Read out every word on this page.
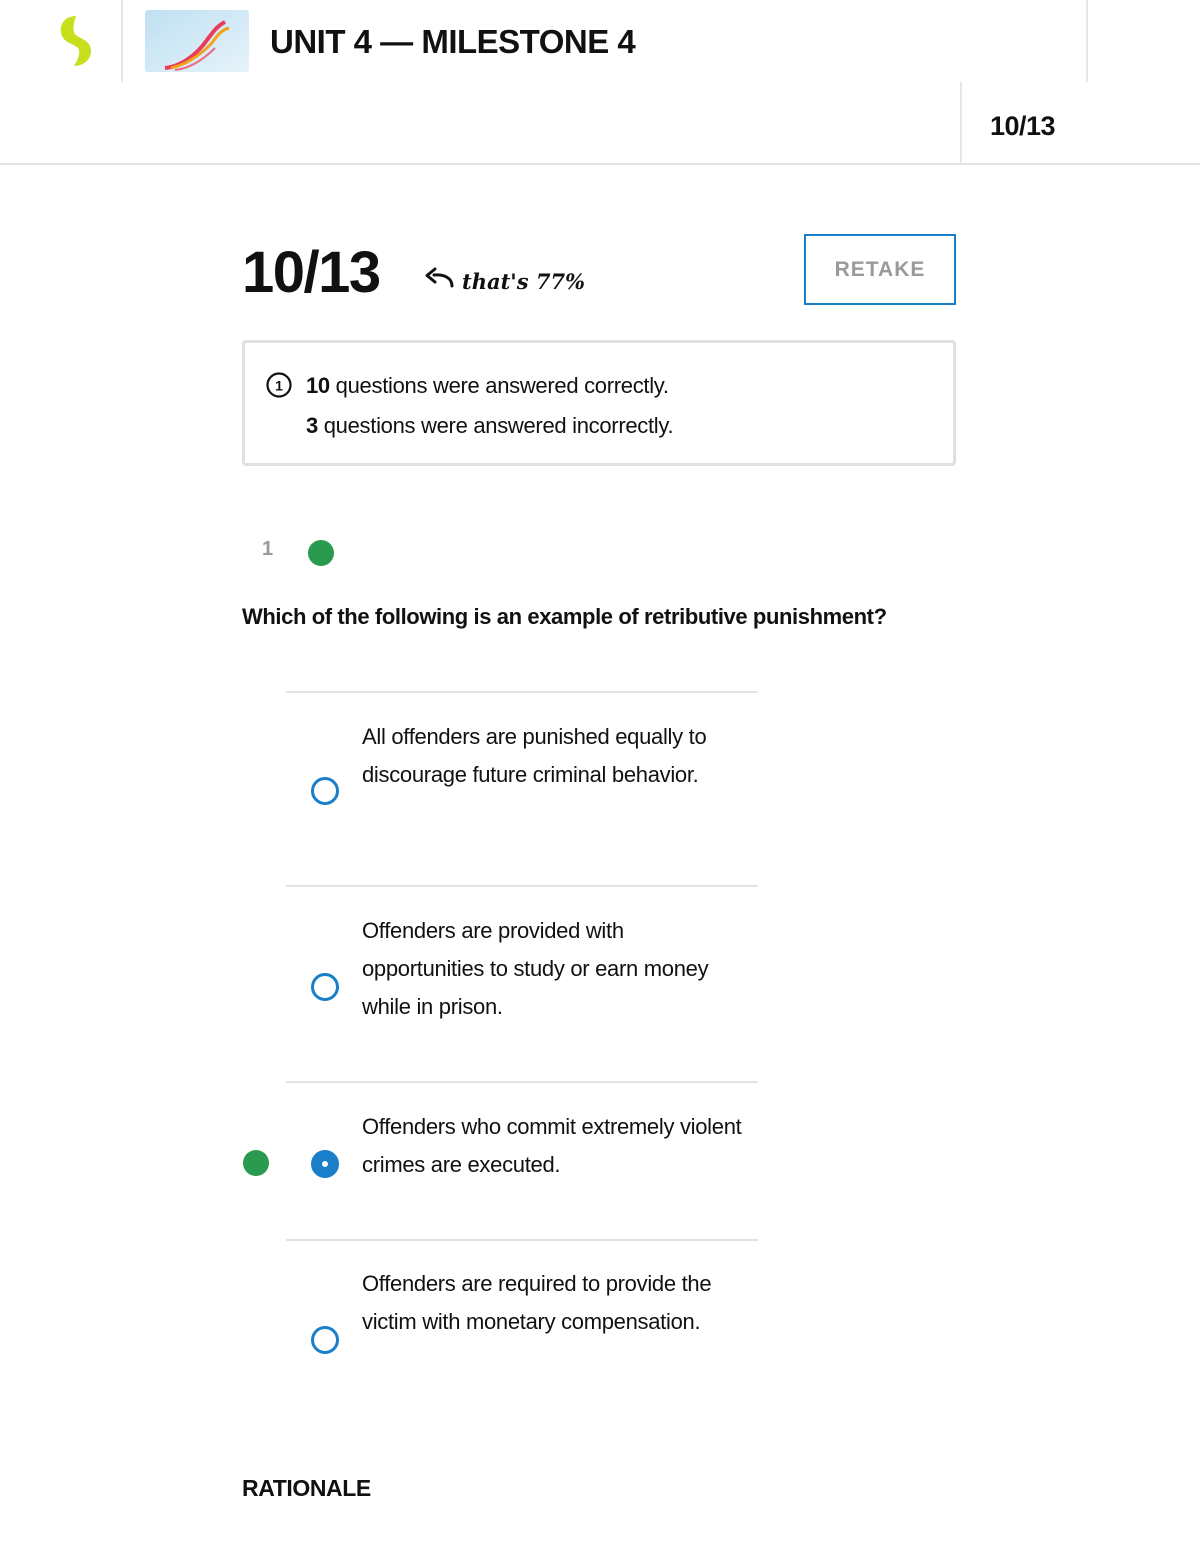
UNIT 4 — MILESTONE 4
10/13
10/13	that's 77%	RETAKE
1 10 questions were answered correctly.
3 questions were answered incorrectly.
1
Which of the following is an example of retributive punishment?
All offenders are punished equally to discourage future criminal behavior.
Offenders are provided with opportunities to study or earn money while in prison.
Offenders who commit extremely violent crimes are executed.
Offenders are required to provide the victim with monetary compensation.
RATIONALE
